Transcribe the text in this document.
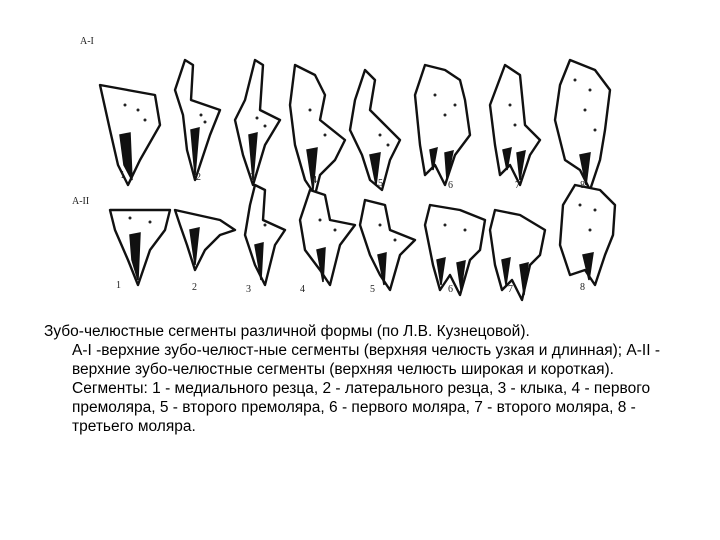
A-I
A-II
1	2	3	4	5	6	7	8
1	2	3	4	5	6	7	8
Зубо-челюстные сегменты различной формы (по Л.В. Кузнецовой).
А-I -верхние зубо-челюст-ные сегменты (верхняя челюсть узкая и длинная); А-II - верхние зубо-челюстные сегменты (верхняя челюсть широкая и короткая). Сегменты: 1 - медиального резца, 2 - латерального резца, 3 - клыка, 4 - первого премоляра, 5 - второго премоляра, 6 - первого моляра, 7 - второго моляра, 8 - третьего моляра.
